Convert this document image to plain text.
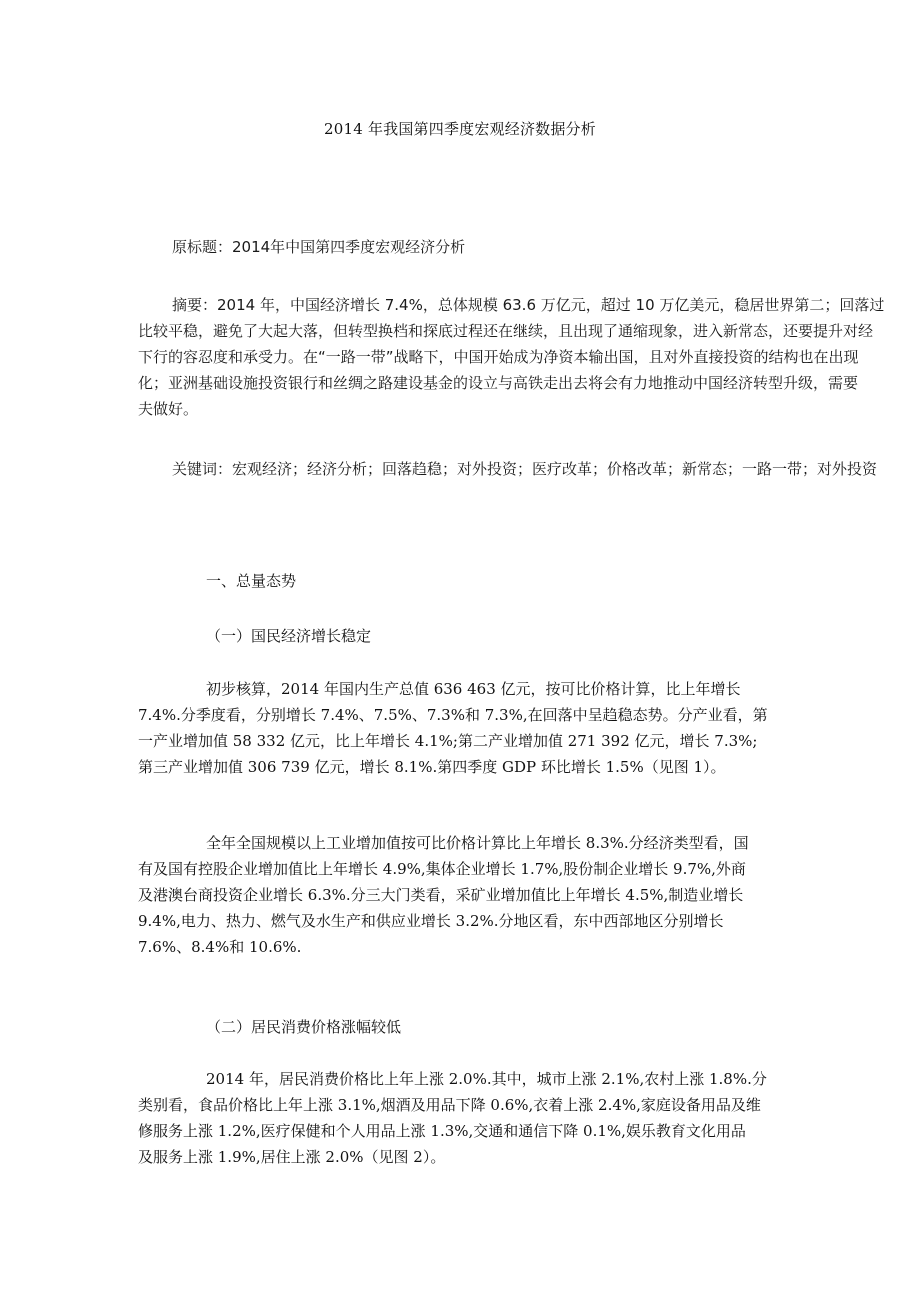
2014 年我国第四季度宏观经济数据分析
原标题：2014年中国第四季度宏观经济分析
摘要：2014 年，中国经济增长 7.4%，总体规模 63.6 万亿元，超过 10 万亿美元，稳居世界第二；回落过
比较平稳，避免了大起大落，但转型换档和探底过程还在继续，且出现了通缩现象，进入新常态，还要提升对经
下行的容忍度和承受力。在“一路一带”战略下，中国开始成为净资本输出国，且对外直接投资的结构也在出现
化；亚洲基础设施投资银行和丝绸之路建设基金的设立与高铁走出去将会有力地推动中国经济转型升级，需要
夫做好。
关键词：宏观经济；经济分析；回落趋稳；对外投资；医疗改革；价格改革；新常态；一路一带；对外投资
一、总量态势
（一）国民经济增长稳定
初步核算，2014 年国内生产总值 636 463 亿元，按可比价格计算，比上年增长
7.4%.分季度看，分别增长 7.4%、7.5%、7.3%和 7.3%,在回落中呈趋稳态势。分产业看，第
一产业增加值 58 332 亿元，比上年增长 4.1%;第二产业增加值 271 392 亿元，增长 7.3%;
第三产业增加值 306 739 亿元，增长 8.1%.第四季度 GDP 环比增长 1.5%（见图 1）。
全年全国规模以上工业增加值按可比价格计算比上年增长 8.3%.分经济类型看，国
有及国有控股企业增加值比上年增长 4.9%,集体企业增长 1.7%,股份制企业增长 9.7%,外商
及港澳台商投资企业增长 6.3%.分三大门类看，采矿业增加值比上年增长 4.5%,制造业增长
9.4%,电力、热力、燃气及水生产和供应业增长 3.2%.分地区看，东中西部地区分别增长
7.6%、8.4%和 10.6%.
（二）居民消费价格涨幅较低
2014 年，居民消费价格比上年上涨 2.0%.其中，城市上涨 2.1%,农村上涨 1.8%.分
类别看，食品价格比上年上涨 3.1%,烟酒及用品下降 0.6%,衣着上涨 2.4%,家庭设备用品及维
修服务上涨 1.2%,医疗保健和个人用品上涨 1.3%,交通和通信下降 0.1%,娱乐教育文化用品
及服务上涨 1.9%,居住上涨 2.0%（见图 2）。
